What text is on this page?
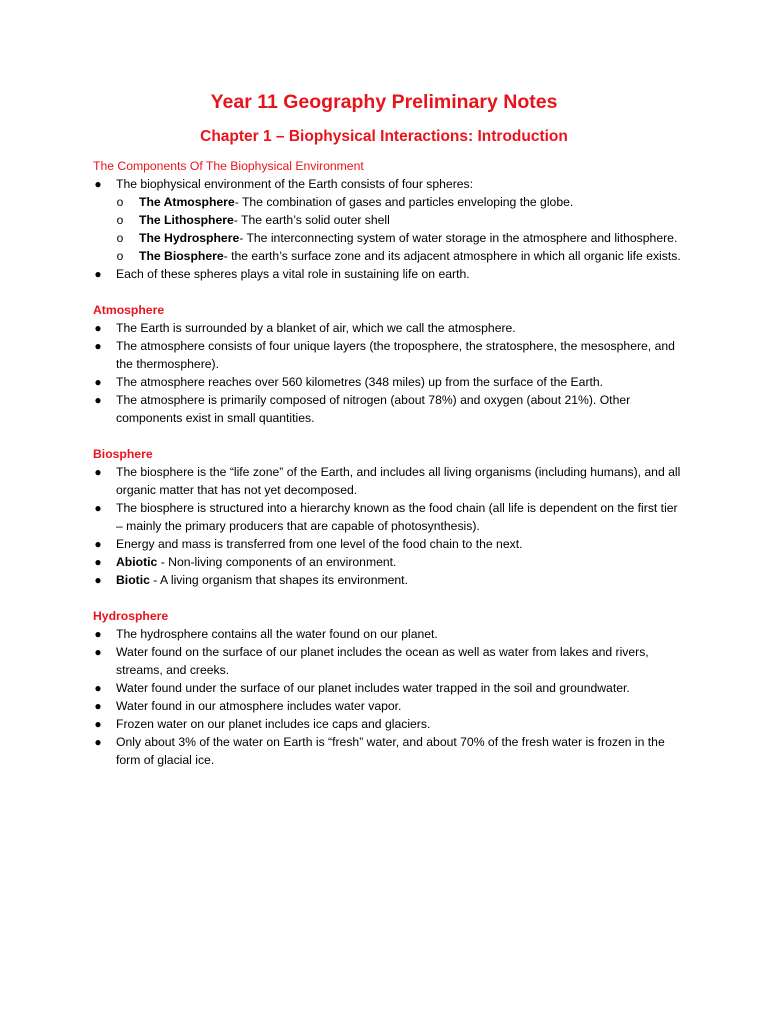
Year 11 Geography Preliminary Notes
Chapter 1 – Biophysical Interactions: Introduction
The Components Of The Biophysical Environment
● The biophysical environment of the Earth consists of four spheres:
o The Atmosphere- The combination of gases and particles enveloping the globe.
o The Lithosphere- The earth’s solid outer shell
o The Hydrosphere- The interconnecting system of water storage in the atmosphere and lithosphere.
o The Biosphere- the earth’s surface zone and its adjacent atmosphere in which all organic life exists.
● Each of these spheres plays a vital role in sustaining life on earth.
Atmosphere
● The Earth is surrounded by a blanket of air, which we call the atmosphere.
● The atmosphere consists of four unique layers (the troposphere, the stratosphere, the mesosphere, and the thermosphere).
● The atmosphere reaches over 560 kilometres (348 miles) up from the surface of the Earth.
● The atmosphere is primarily composed of nitrogen (about 78%) and oxygen (about 21%). Other components exist in small quantities.
Biosphere
● The biosphere is the “life zone” of the Earth, and includes all living organisms (including humans), and all organic matter that has not yet decomposed.
● The biosphere is structured into a hierarchy known as the food chain (all life is dependent on the first tier – mainly the primary producers that are capable of photosynthesis).
● Energy and mass is transferred from one level of the food chain to the next.
● Abiotic - Non-living components of an environment.
● Biotic - A living organism that shapes its environment.
Hydrosphere
● The hydrosphere contains all the water found on our planet.
● Water found on the surface of our planet includes the ocean as well as water from lakes and rivers, streams, and creeks.
● Water found under the surface of our planet includes water trapped in the soil and groundwater.
● Water found in our atmosphere includes water vapor.
● Frozen water on our planet includes ice caps and glaciers.
● Only about 3% of the water on Earth is “fresh” water, and about 70% of the fresh water is frozen in the form of glacial ice.
